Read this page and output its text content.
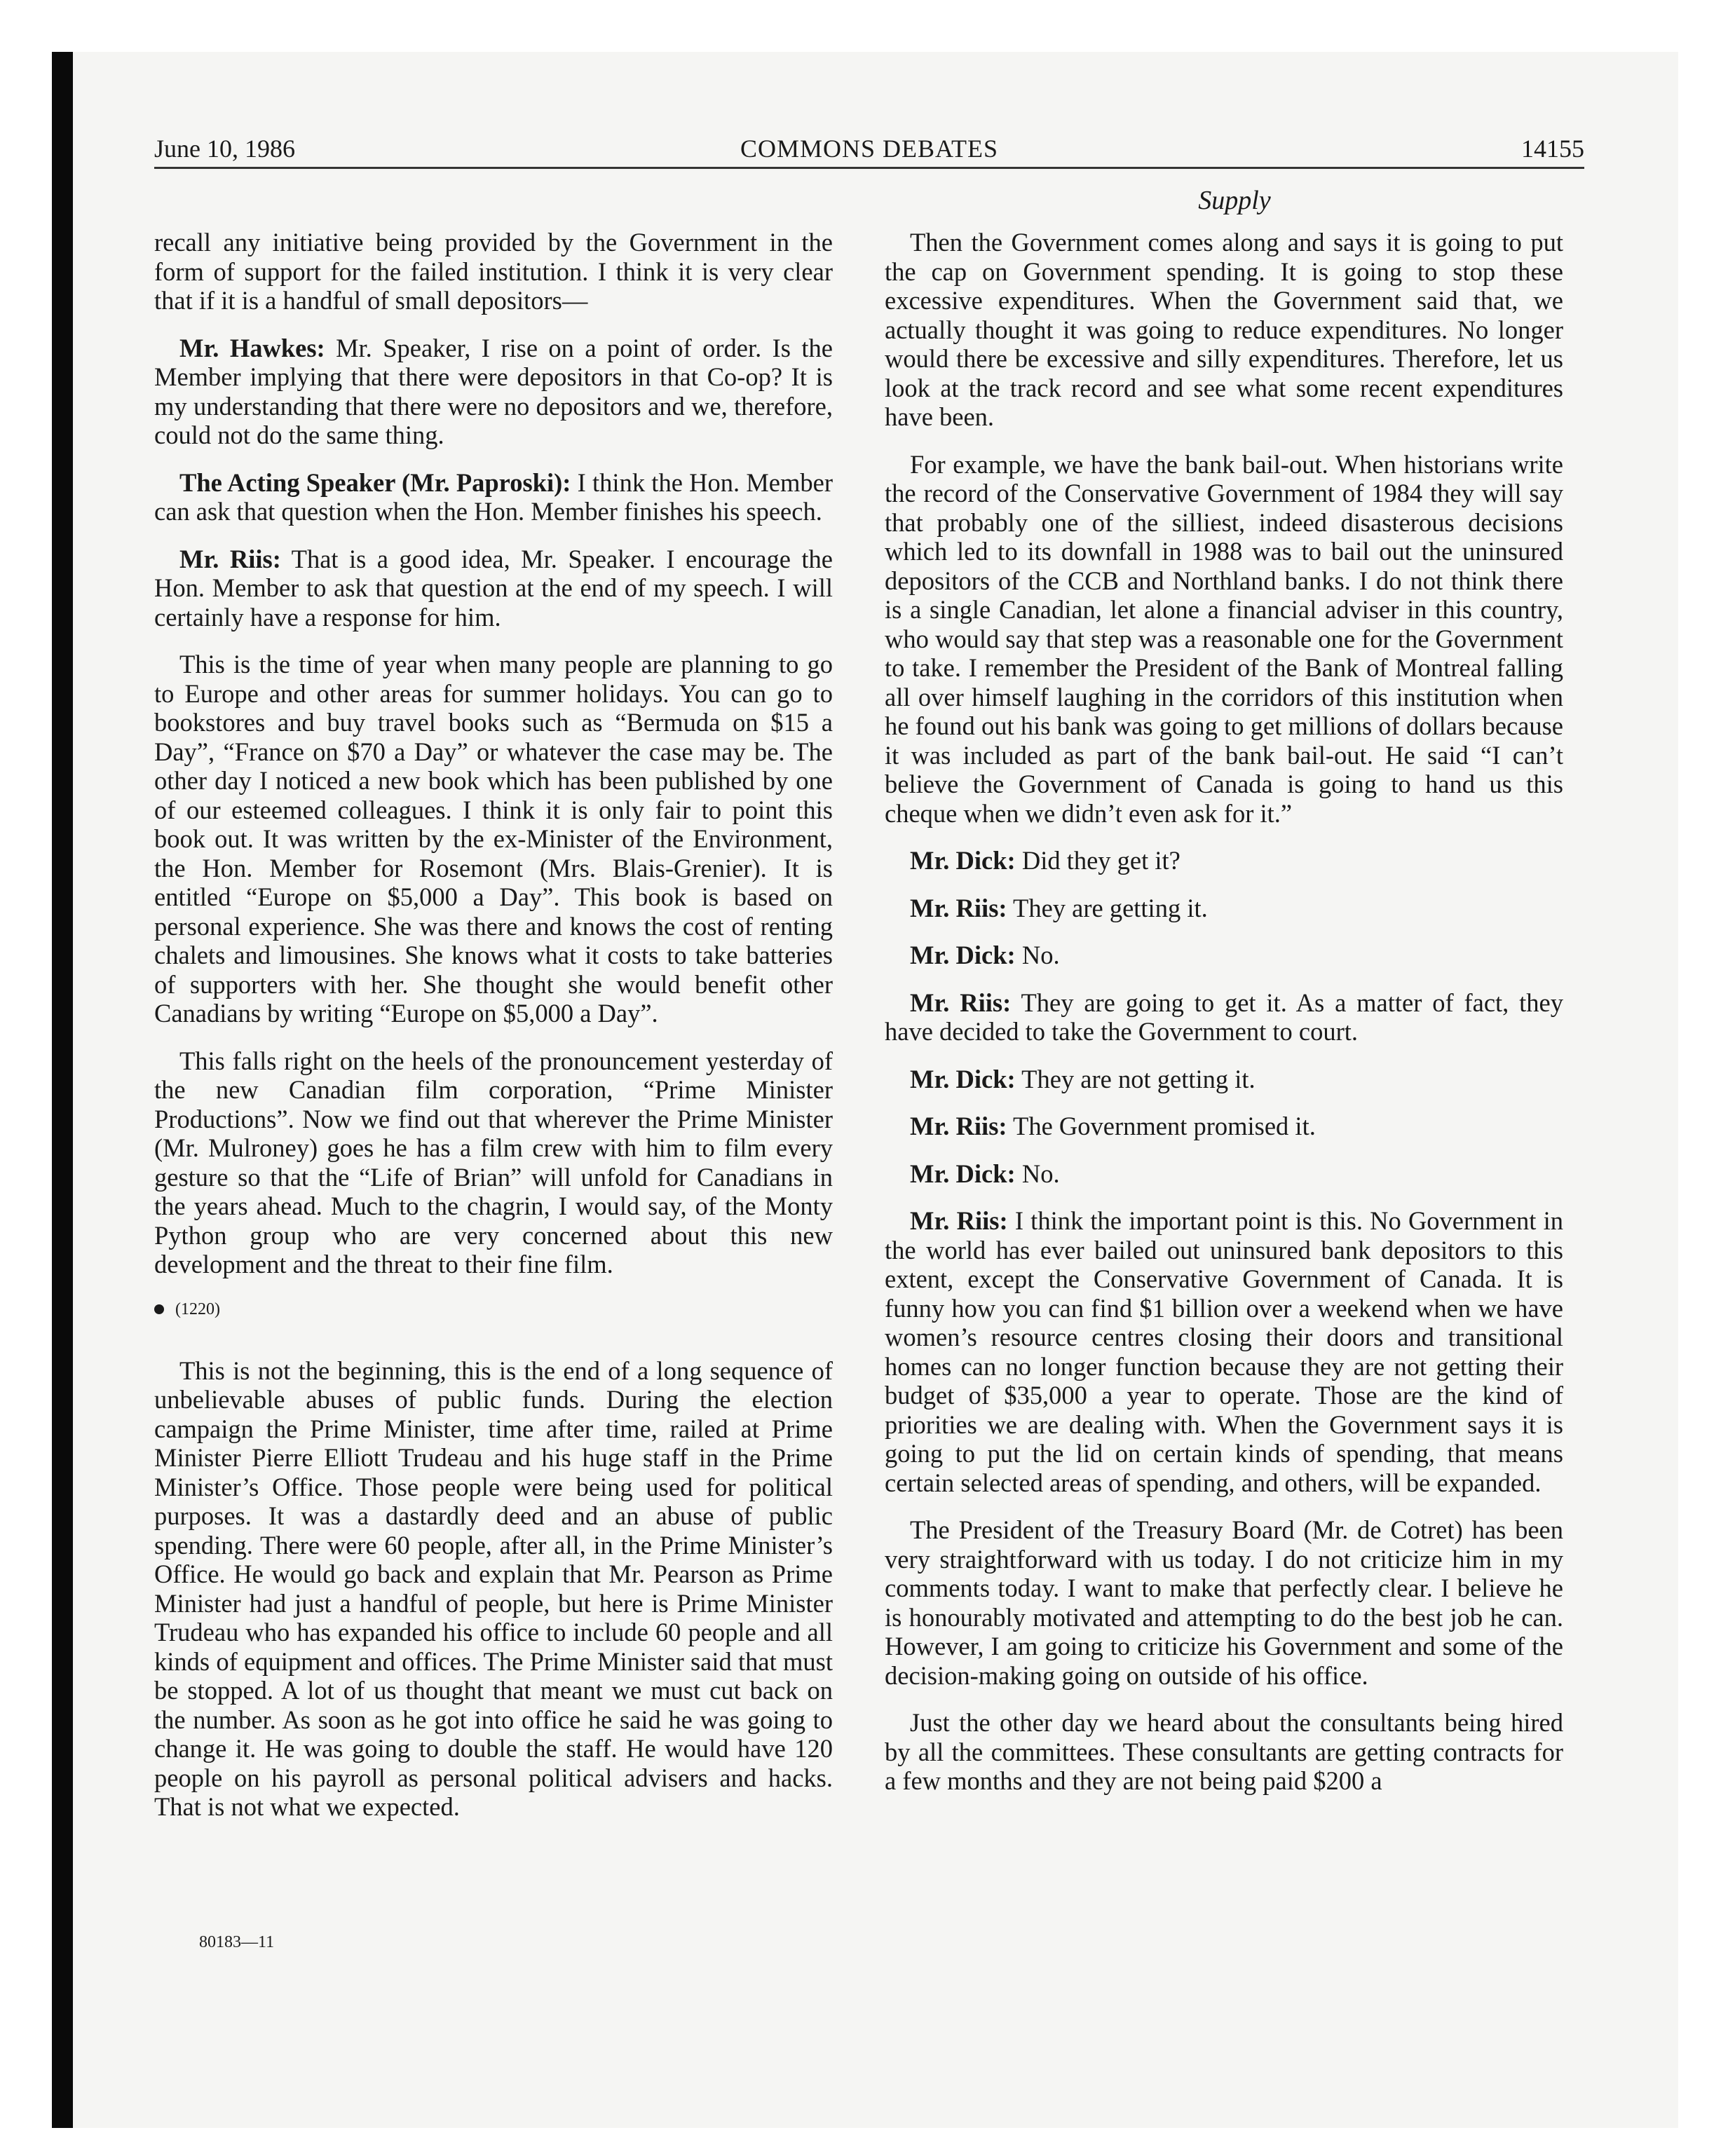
June 10, 1986	COMMONS DEBATES	14155
Supply

recall any initiative being provided by the Government in the form of support for the failed institution. I think it is very clear that if it is a handful of small depositors—

Mr. Hawkes: Mr. Speaker, I rise on a point of order. Is the Member implying that there were depositors in that Co-op? It is my understanding that there were no depositors and we, therefore, could not do the same thing.

The Acting Speaker (Mr. Paproski): I think the Hon. Member can ask that question when the Hon. Member finishes his speech.

Mr. Riis: That is a good idea, Mr. Speaker. I encourage the Hon. Member to ask that question at the end of my speech. I will certainly have a response for him.

This is the time of year when many people are planning to go to Europe and other areas for summer holidays. You can go to bookstores and buy travel books such as “Bermuda on $15 a Day”, “France on $70 a Day” or whatever the case may be. The other day I noticed a new book which has been published by one of our esteemed colleagues. I think it is only fair to point this book out. It was written by the ex-Minister of the Environment, the Hon. Member for Rosemont (Mrs. Blais-Grenier). It is entitled “Europe on $5,000 a Day”. This book is based on personal experience. She was there and knows the cost of renting chalets and limousines. She knows what it costs to take batteries of supporters with her. She thought she would benefit other Canadians by writing “Europe on $5,000 a Day”.

This falls right on the heels of the pronouncement yesterday of the new Canadian film corporation, “Prime Minister Productions”. Now we find out that wherever the Prime Minister (Mr. Mulroney) goes he has a film crew with him to film every gesture so that the “Life of Brian” will unfold for Canadians in the years ahead. Much to the chagrin, I would say, of the Monty Python group who are very concerned about this new development and the threat to their fine film.

(1220)

This is not the beginning, this is the end of a long sequence of unbelievable abuses of public funds. During the election campaign the Prime Minister, time after time, railed at Prime Minister Pierre Elliott Trudeau and his huge staff in the Prime Minister’s Office. Those people were being used for political purposes. It was a dastardly deed and an abuse of public spending. There were 60 people, after all, in the Prime Minister’s Office. He would go back and explain that Mr. Pearson as Prime Minister had just a handful of people, but here is Prime Minister Trudeau who has expanded his office to include 60 people and all kinds of equipment and offices. The Prime Minister said that must be stopped. A lot of us thought that meant we must cut back on the number. As soon as he got into office he said he was going to change it. He was going to double the staff. He would have 120 people on his payroll as personal political advisers and hacks. That is not what we expected.

Then the Government comes along and says it is going to put the cap on Government spending. It is going to stop these excessive expenditures. When the Government said that, we actually thought it was going to reduce expenditures. No longer would there be excessive and silly expenditures. Therefore, let us look at the track record and see what some recent expenditures have been.

For example, we have the bank bail-out. When historians write the record of the Conservative Government of 1984 they will say that probably one of the silliest, indeed disasterous decisions which led to its downfall in 1988 was to bail out the uninsured depositors of the CCB and Northland banks. I do not think there is a single Canadian, let alone a financial adviser in this country, who would say that step was a reasonable one for the Government to take. I remember the President of the Bank of Montreal falling all over himself laughing in the corridors of this institution when he found out his bank was going to get millions of dollars because it was included as part of the bank bail-out. He said “I can’t believe the Government of Canada is going to hand us this cheque when we didn’t even ask for it.”

Mr. Dick: Did they get it?

Mr. Riis: They are getting it.

Mr. Dick: No.

Mr. Riis: They are going to get it. As a matter of fact, they have decided to take the Government to court.

Mr. Dick: They are not getting it.

Mr. Riis: The Government promised it.

Mr. Dick: No.

Mr. Riis: I think the important point is this. No Government in the world has ever bailed out uninsured bank depositors to this extent, except the Conservative Government of Canada. It is funny how you can find $1 billion over a weekend when we have women’s resource centres closing their doors and transitional homes can no longer function because they are not getting their budget of $35,000 a year to operate. Those are the kind of priorities we are dealing with. When the Government says it is going to put the lid on certain kinds of spending, that means certain selected areas of spending, and others, will be expanded.

The President of the Treasury Board (Mr. de Cotret) has been very straightforward with us today. I do not criticize him in my comments today. I want to make that perfectly clear. I believe he is honourably motivated and attempting to do the best job he can. However, I am going to criticize his Government and some of the decision-making going on outside of his office.

Just the other day we heard about the consultants being hired by all the committees. These consultants are getting contracts for a few months and they are not being paid $200 a

80183—11
